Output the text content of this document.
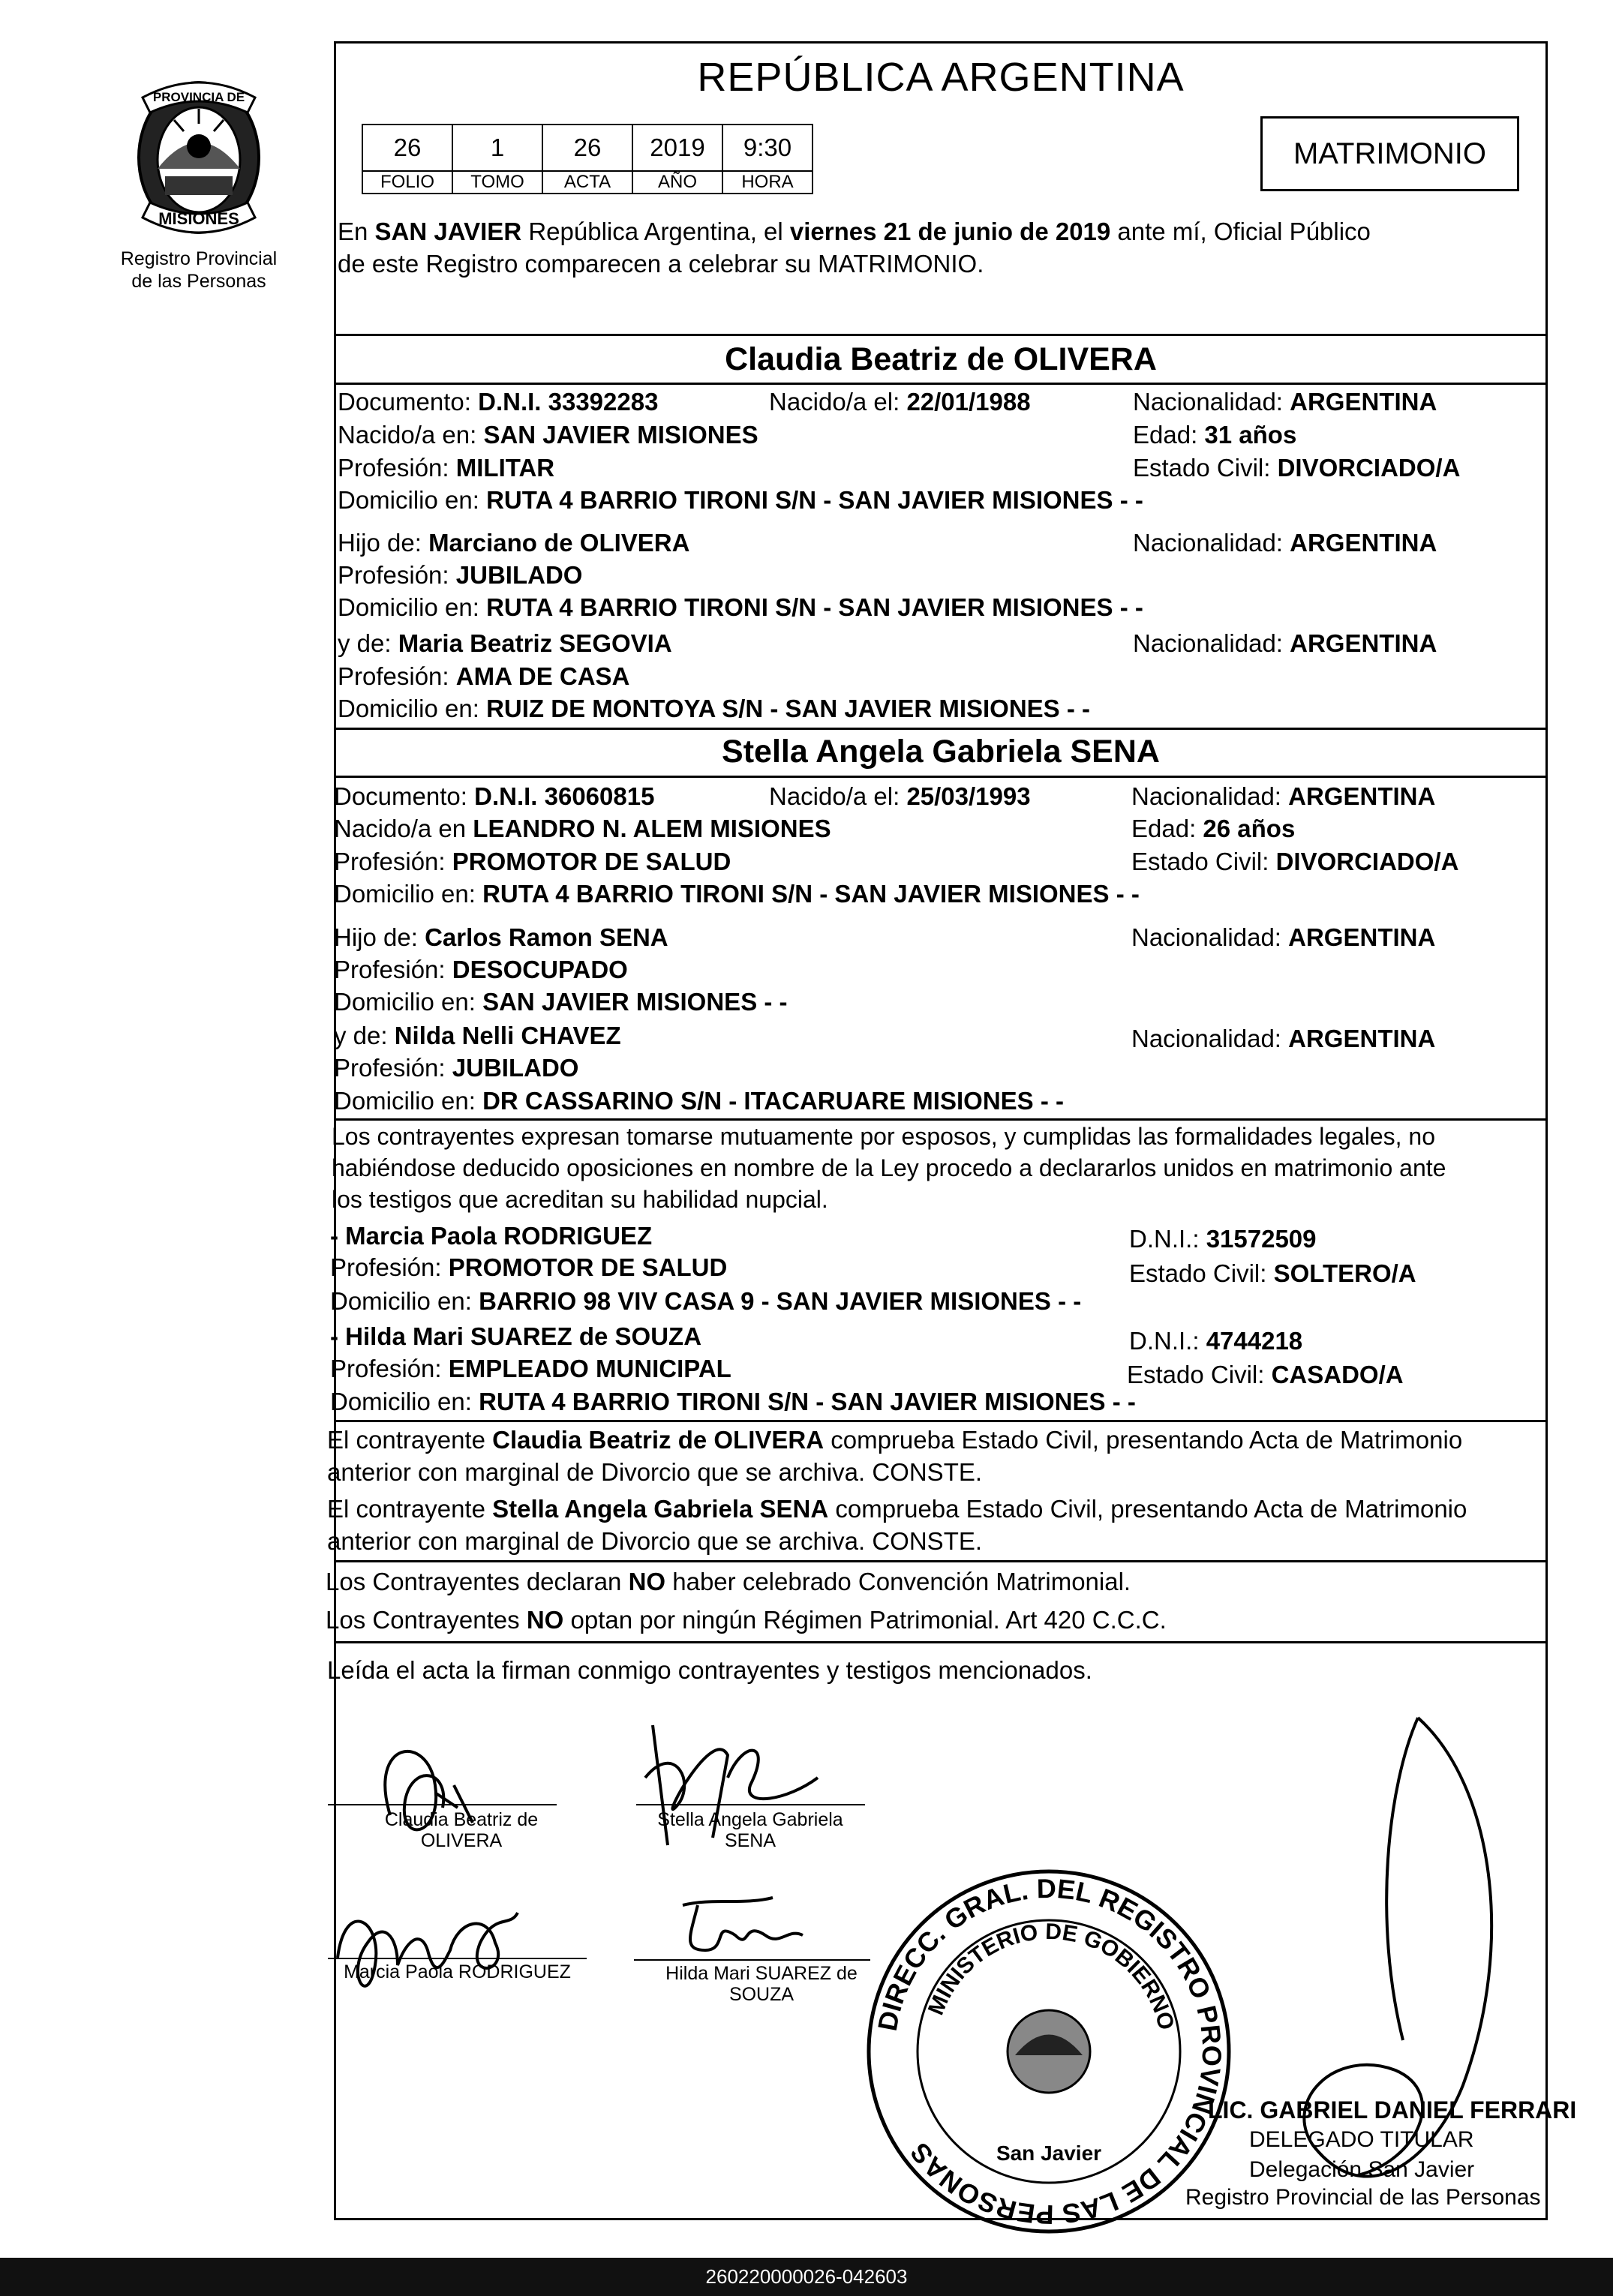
PROVINCIA DE
MISIONES
Registro Provincial
de las Personas
REPÚBLICA ARGENTINA
26	1	26	2019	9:30
FOLIO	TOMO	ACTA	AÑO	HORA
MATRIMONIO
En SAN JAVIER República Argentina, el viernes 21 de junio de 2019 ante mí, Oficial Público
de este Registro comparecen a celebrar su MATRIMONIO.
Claudia Beatriz de OLIVERA
Documento: D.N.I. 33392283	Nacido/a el: 22/01/1988	Nacionalidad: ARGENTINA
Nacido/a en: SAN JAVIER MISIONES	Edad: 31 años
Profesión: MILITAR	Estado Civil: DIVORCIADO/A
Domicilio en: RUTA 4 BARRIO TIRONI S/N - SAN JAVIER MISIONES - -
Hijo de: Marciano de OLIVERA	Nacionalidad: ARGENTINA
Profesión: JUBILADO
Domicilio en: RUTA 4 BARRIO TIRONI S/N - SAN JAVIER MISIONES - -
y de: Maria Beatriz SEGOVIA	Nacionalidad: ARGENTINA
Profesión: AMA DE CASA
Domicilio en: RUIZ DE MONTOYA S/N - SAN JAVIER MISIONES - -
Stella Angela Gabriela SENA
Documento: D.N.I. 36060815	Nacido/a el: 25/03/1993	Nacionalidad: ARGENTINA
Nacido/a en LEANDRO N. ALEM MISIONES	Edad: 26 años
Profesión: PROMOTOR DE SALUD	Estado Civil: DIVORCIADO/A
Domicilio en: RUTA 4 BARRIO TIRONI S/N - SAN JAVIER MISIONES - -
Hijo de: Carlos Ramon SENA	Nacionalidad: ARGENTINA
Profesión: DESOCUPADO
Domicilio en: SAN JAVIER MISIONES - -
y de: Nilda Nelli CHAVEZ	Nacionalidad: ARGENTINA
Profesión: JUBILADO
Domicilio en: DR CASSARINO S/N - ITACARUARE MISIONES - -
Los contrayentes expresan tomarse mutuamente por esposos, y cumplidas las formalidades legales, no
habiéndose deducido oposiciones en nombre de la Ley procedo a declararlos unidos en matrimonio ante
los testigos que acreditan su habilidad nupcial.
- Marcia Paola RODRIGUEZ	D.N.I.: 31572509
Profesión: PROMOTOR DE SALUD	Estado Civil: SOLTERO/A
Domicilio en: BARRIO 98 VIV CASA 9 - SAN JAVIER MISIONES - -
- Hilda Mari SUAREZ de SOUZA	D.N.I.: 4744218
Profesión: EMPLEADO MUNICIPAL	Estado Civil: CASADO/A
Domicilio en: RUTA 4 BARRIO TIRONI S/N - SAN JAVIER MISIONES - -
El contrayente Claudia Beatriz de OLIVERA comprueba Estado Civil, presentando Acta de Matrimonio
anterior con marginal de Divorcio que se archiva. CONSTE.
El contrayente Stella Angela Gabriela SENA comprueba Estado Civil, presentando Acta de Matrimonio
anterior con marginal de Divorcio que se archiva. CONSTE.
Los Contrayentes declaran NO haber celebrado Convención Matrimonial.
Los Contrayentes NO optan por ningún Régimen Patrimonial. Art 420 C.C.C.
Leída el acta la firman conmigo contrayentes y testigos mencionados.
Claudia Beatriz de
OLIVERA
Stella Angela Gabriela
SENA
Marcia Paola RODRIGUEZ	Hilda Mari SUAREZ de
SOUZA
DIRECC. GRAL. DEL REGISTRO PROVINCIAL DE LAS PERSONAS
MINISTERIO DE GOBIERNO
San Javier
LIC. GABRIEL DANIEL FERRARI
DELEGADO TITULAR
Delegación San Javier
Registro Provincial de las Personas
260220000026-042603
